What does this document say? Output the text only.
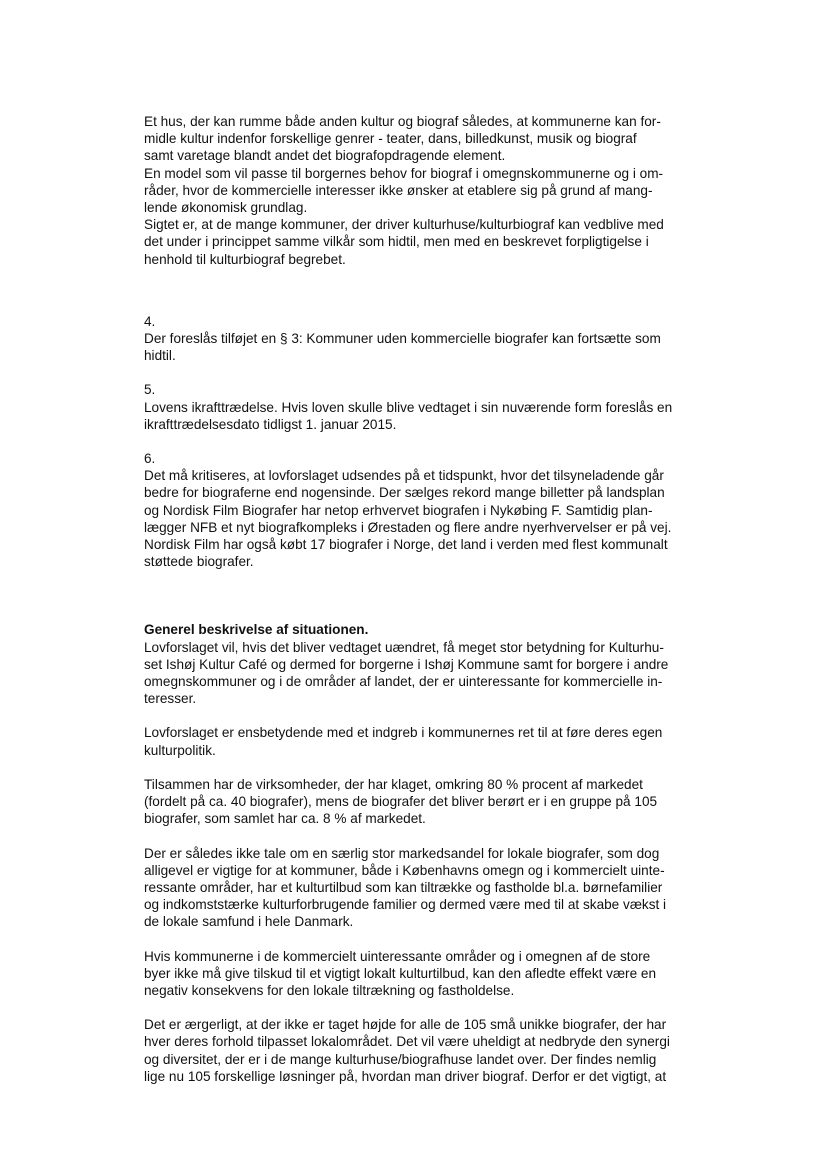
Et hus, der kan rumme både anden kultur og biograf således, at kommunerne kan for-
midle kultur indenfor forskellige genrer - teater, dans, billedkunst, musik og biograf
samt varetage blandt andet det biografopdragende element.
En model som vil passe til borgernes behov for biograf i omegnskommunerne og i om-
råder, hvor de kommercielle interesser ikke ønsker at etablere sig på grund af mang-
lende økonomisk grundlag.
Sigtet er, at de mange kommuner, der driver kulturhuse/kulturbiograf kan vedblive med
det under i princippet samme vilkår som hidtil, men med en beskrevet forpligtigelse i
henhold til kulturbiograf begrebet.
4.
Der foreslås tilføjet en § 3: Kommuner uden kommercielle biografer kan fortsætte som
hidtil.
5.
Lovens ikrafttrædelse. Hvis loven skulle blive vedtaget i sin nuværende form foreslås en
ikrafttrædelsesdato tidligst 1. januar 2015.
6.
Det må kritiseres, at lovforslaget udsendes på et tidspunkt, hvor det tilsyneladende går
bedre for biograferne end nogensinde. Der sælges rekord mange billetter på landsplan
og Nordisk Film Biografer har netop erhvervet biografen i Nykøbing F. Samtidig plan-
lægger NFB et nyt biografkompleks i Ørestaden og flere andre nyerhvervelser er på vej.
Nordisk Film har også købt 17 biografer i Norge, det land i verden med flest kommunalt
støttede biografer.
Generel beskrivelse af situationen.
Lovforslaget vil, hvis det bliver vedtaget uændret, få meget stor betydning for Kulturhu-
set Ishøj Kultur Café og dermed for borgerne i Ishøj Kommune samt for borgere i andre
omegnskommuner og i de områder af landet, der er uinteressante for kommercielle in-
teresser.
Lovforslaget er ensbetydende med et indgreb i kommunernes ret til at føre deres egen
kulturpolitik.
Tilsammen har de virksomheder, der har klaget, omkring 80 % procent af markedet
(fordelt på ca. 40 biografer), mens de biografer det bliver berørt er i en gruppe på 105
biografer, som samlet har ca. 8 % af markedet.
Der er således ikke tale om en særlig stor markedsandel for lokale biografer, som dog
alligevel er vigtige for at kommuner, både i Københavns omegn og i kommercielt uinte-
ressante områder, har et kulturtilbud som kan tiltrække og fastholde bl.a. børnefamilier
og indkomststærke kulturforbrugende familier og dermed være med til at skabe vækst i
de lokale samfund i hele Danmark.
Hvis kommunerne i de kommercielt uinteressante områder og i omegnen af de store
byer ikke må give tilskud til et vigtigt lokalt kulturtilbud, kan den afledte effekt være en
negativ konsekvens for den lokale tiltrækning og fastholdelse.
Det er ærgerligt, at der ikke er taget højde for alle de 105 små unikke biografer, der har
hver deres forhold tilpasset lokalområdet. Det vil være uheldigt at nedbryde den synergi
og diversitet, der er i de mange kulturhuse/biografhuse landet over. Der findes nemlig
lige nu 105 forskellige løsninger på, hvordan man driver biograf. Derfor er det vigtigt, at
